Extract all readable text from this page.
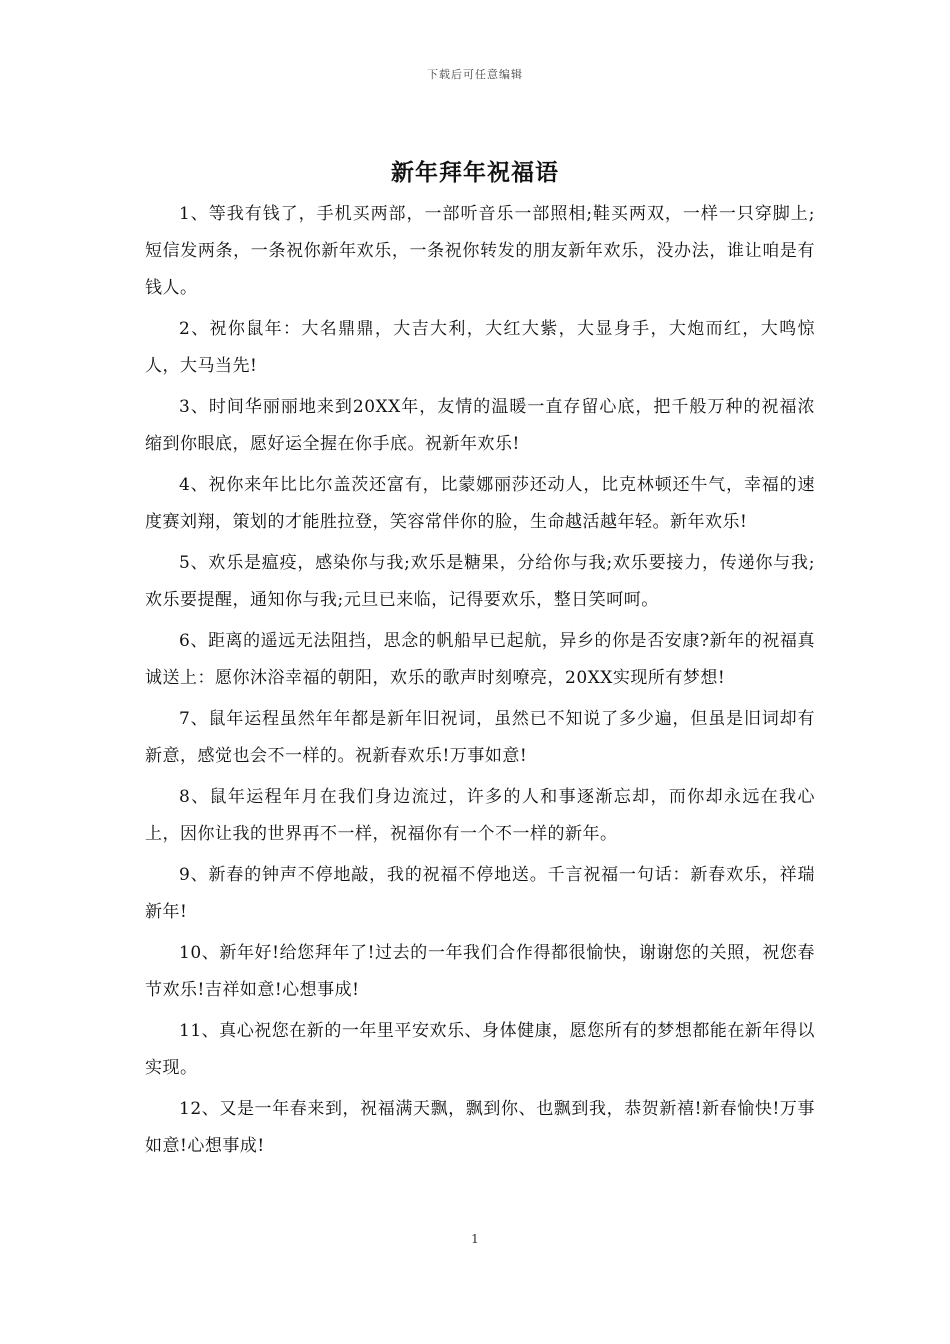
下载后可任意编辑
新年拜年祝福语

1、等我有钱了，手机买两部，一部听音乐一部照相;鞋买两双，一样一只穿脚上;短信发两条，一条祝你新年欢乐，一条祝你转发的朋友新年欢乐，没办法，谁让咱是有钱人。

2、祝你鼠年：大名鼎鼎，大吉大利，大红大紫，大显身手，大炮而红，大鸣惊人，大马当先!

3、时间华丽丽地来到20XX年，友情的温暖一直存留心底，把千般万种的祝福浓缩到你眼底，愿好运全握在你手底。祝新年欢乐!

4、祝你来年比比尔盖茨还富有，比蒙娜丽莎还动人，比克林顿还牛气，幸福的速度赛刘翔，策划的才能胜拉登，笑容常伴你的脸，生命越活越年轻。新年欢乐!

5、欢乐是瘟疫，感染你与我;欢乐是糖果，分给你与我;欢乐要接力，传递你与我;欢乐要提醒，通知你与我;元旦已来临，记得要欢乐，整日笑呵呵。

6、距离的遥远无法阻挡，思念的帆船早已起航，异乡的你是否安康?新年的祝福真诚送上：愿你沐浴幸福的朝阳，欢乐的歌声时刻嘹亮，20XX实现所有梦想!

7、鼠年运程虽然年年都是新年旧祝词，虽然已不知说了多少遍，但虽是旧词却有新意，感觉也会不一样的。祝新春欢乐!万事如意!

8、鼠年运程年月在我们身边流过，许多的人和事逐渐忘却，而你却永远在我心上，因你让我的世界再不一样，祝福你有一个不一样的新年。

9、新春的钟声不停地敲，我的祝福不停地送。千言祝福一句话：新春欢乐，祥瑞新年!

10、新年好!给您拜年了!过去的一年我们合作得都很愉快，谢谢您的关照，祝您春节欢乐!吉祥如意!心想事成!

11、真心祝您在新的一年里平安欢乐、身体健康，愿您所有的梦想都能在新年得以实现。

12、又是一年春来到，祝福满天飘，飘到你、也飘到我，恭贺新禧!新春愉快!万事如意!心想事成!

1
